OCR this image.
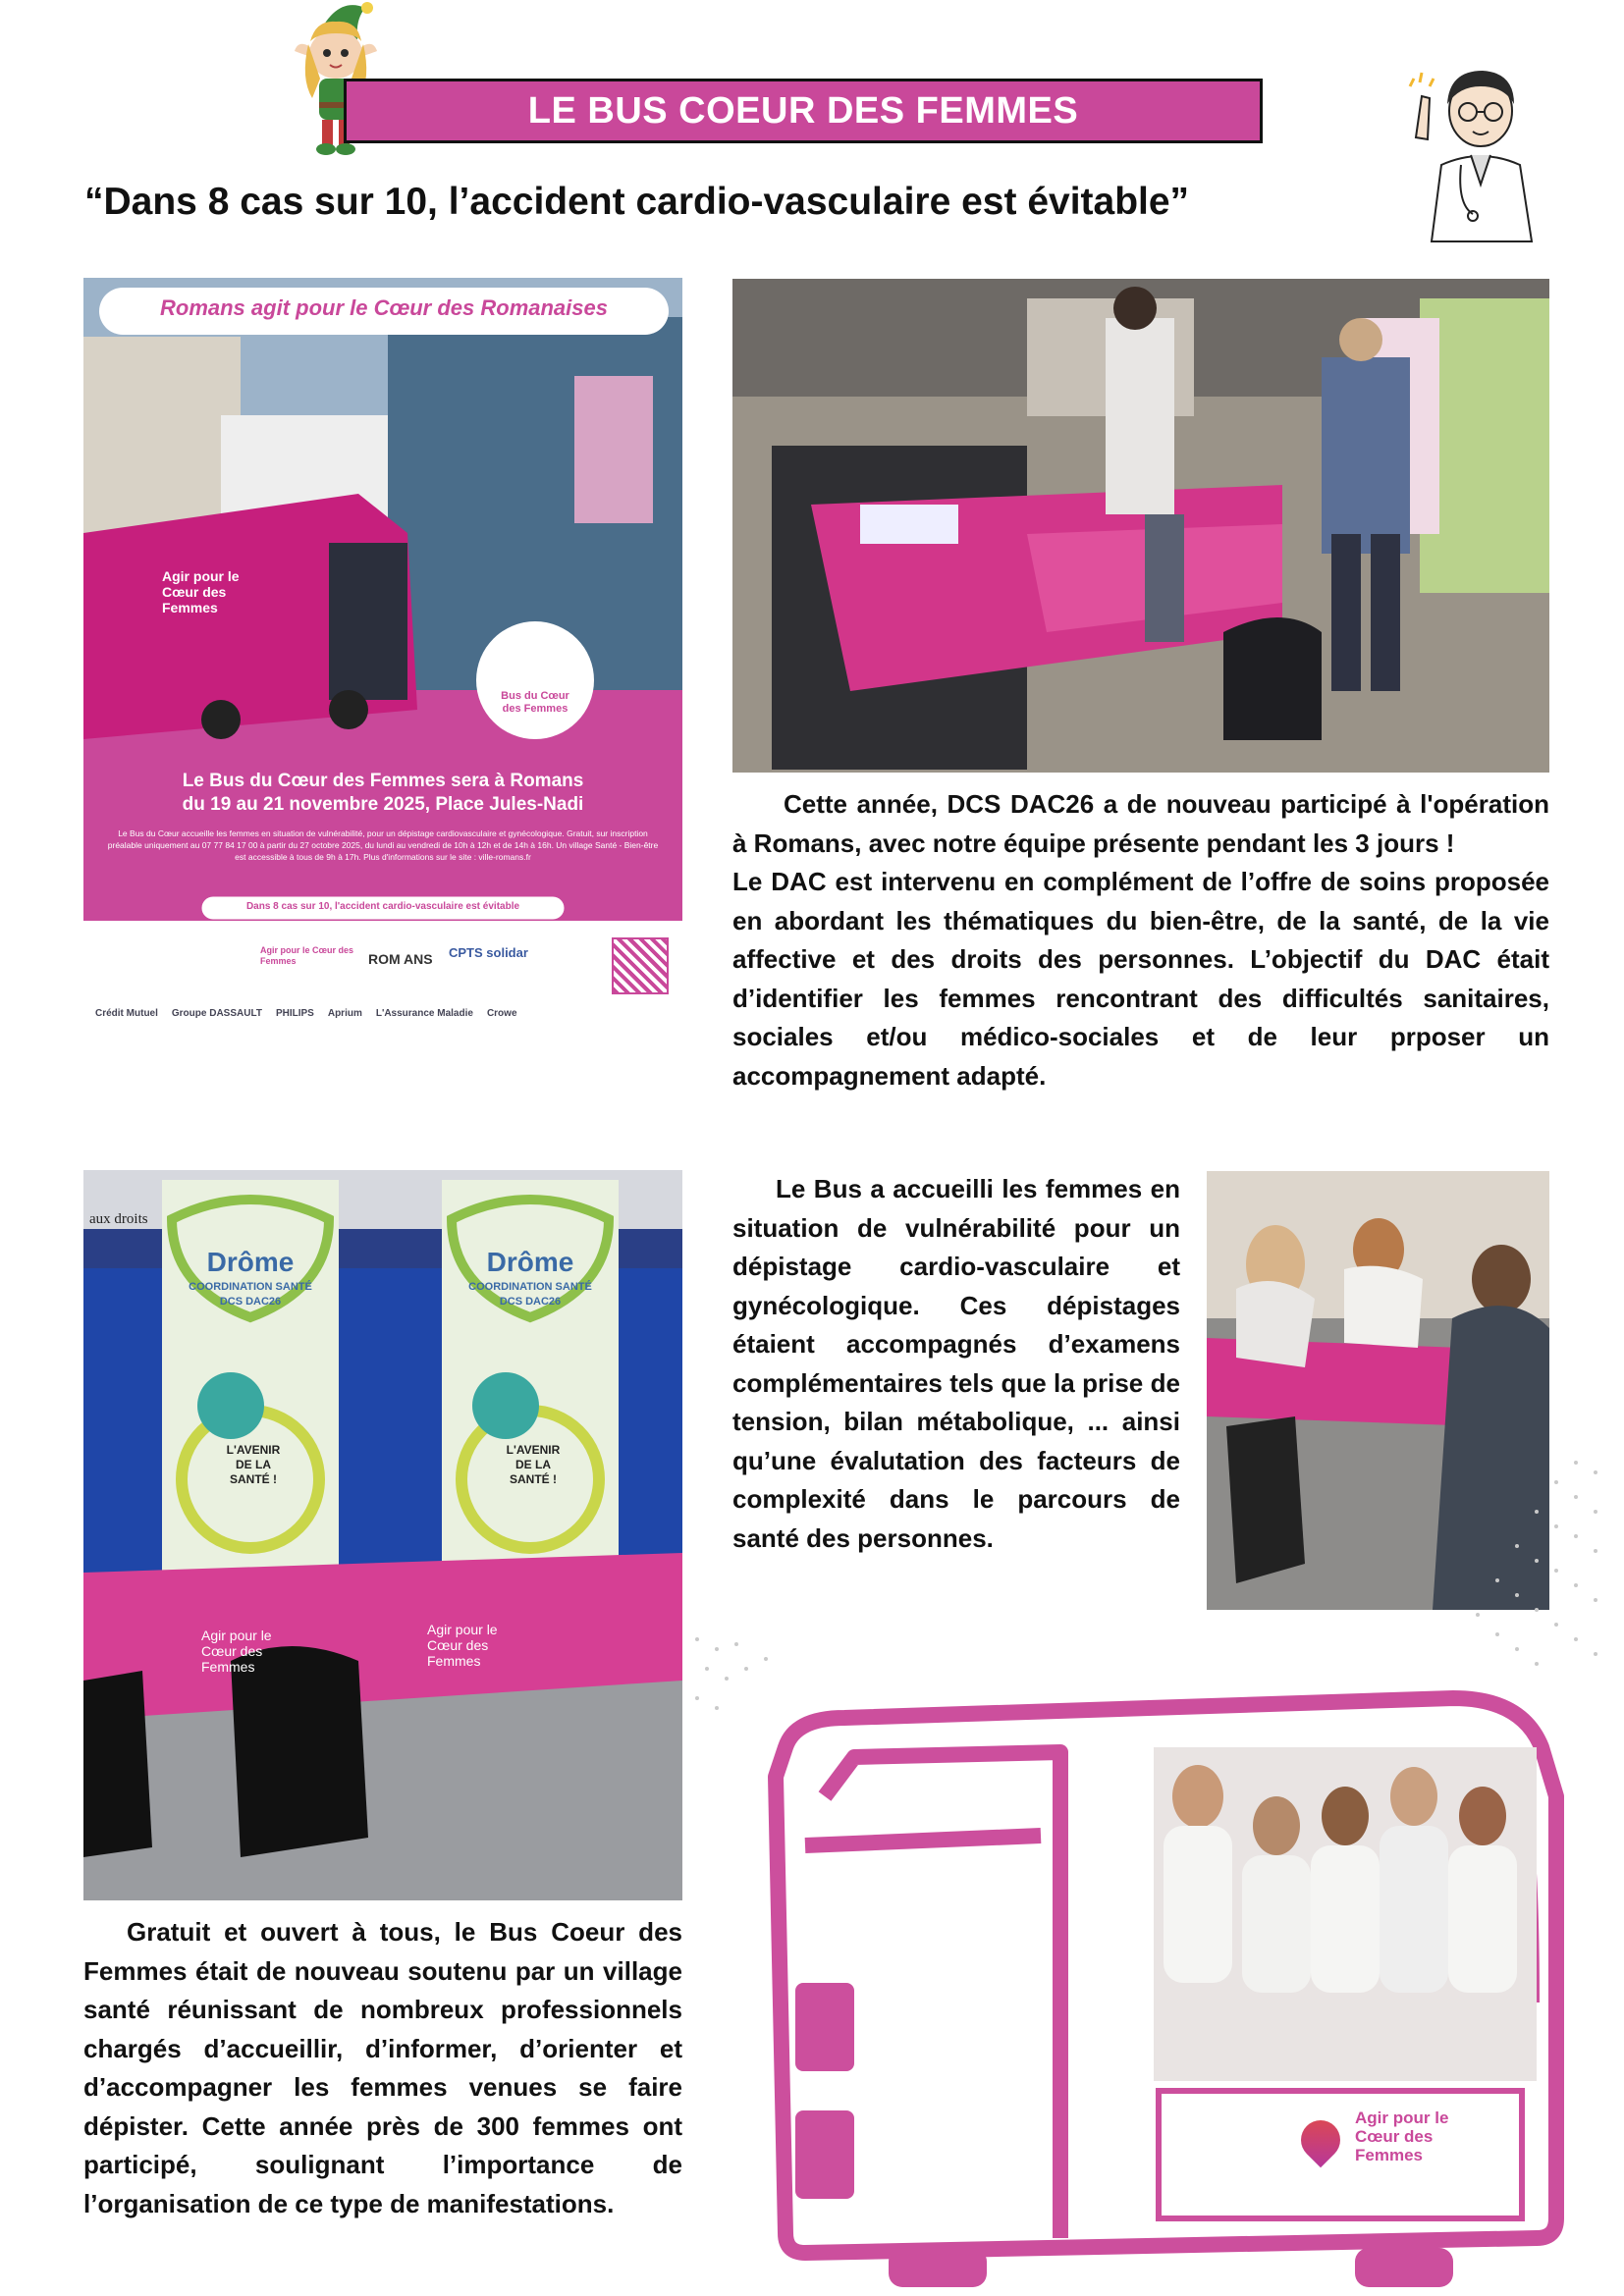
LE BUS COEUR DES FEMMES
“Dans 8 cas sur 10, l’accident cardio-vasculaire est évitable”
Romans agit pour le Cœur des Romanaises
Agir pour le Cœur des Femmes
Bus du Cœur des Femmes
Le Bus du Cœur des Femmes sera à Romans
du 19 au 21 novembre 2025, Place Jules-Nadi
Le Bus du Cœur accueille les femmes en situation de vulnérabilité, pour un dépistage cardiovasculaire et gynécologique. Gratuit, sur inscription préalable uniquement au 07 77 84 17 00 à partir du 27 octobre 2025, du lundi au vendredi de 10h à 12h et de 14h à 16h. Un village Santé - Bien-être est accessible à tous de 9h à 17h. Plus d'informations sur le site : ville-romans.fr
Dans 8 cas sur 10, l'accident cardio-vasculaire est évitable
Agir pour le Cœur des Femmes	ROM ANS	CPTS solidar
Crédit Mutuel Groupe DASSAULT PHILIPS Aprium L'Assurance Maladie Crowe

Cette année, DCS DAC26 a de nouveau participé à l'opération à Romans, avec notre équipe présente pendant les 3 jours !

Le DAC est intervenu en complément de l’offre de soins proposée en abordant les thématiques du bien-être, de la santé, de la vie affective et des droits des personnes. L’objectif du DAC était d’identifier les femmes rencontrant des difficultés sanitaires, sociales et/ou médico-sociales et de leur prposer un accompagnement adapté.

aux droits
Drôme
COORDINATION SANTÉ
DCS DAC26
L'AVENIR DE LA SANTÉ !
Drôme
COORDINATION SANTÉ
DCS DAC26
L'AVENIR DE LA SANTÉ !
Agir pour le Cœur des Femmes
Agir pour le Cœur des Femmes

Le Bus a accueilli les femmes en situation de vulnérabilité pour un dépistage cardio-vasculaire et gynécologique. Ces dépistages étaient accompagnés d’examens complémentaires tels que la prise de tension, bilan métabolique, ... ainsi qu’une évalutation des facteurs de complexité dans le parcours de santé des personnes.

Gratuit et ouvert à tous, le Bus Coeur des Femmes était de nouveau soutenu par un village santé réunissant de nombreux professionnels chargés d’accueillir, d’informer, d’orienter et d’accompagner les femmes venues se faire dépister. Cette année près de 300 femmes ont participé, soulignant l’importance de l’organisation de ce type de manifestations.

Agir pour le Cœur des Femmes
